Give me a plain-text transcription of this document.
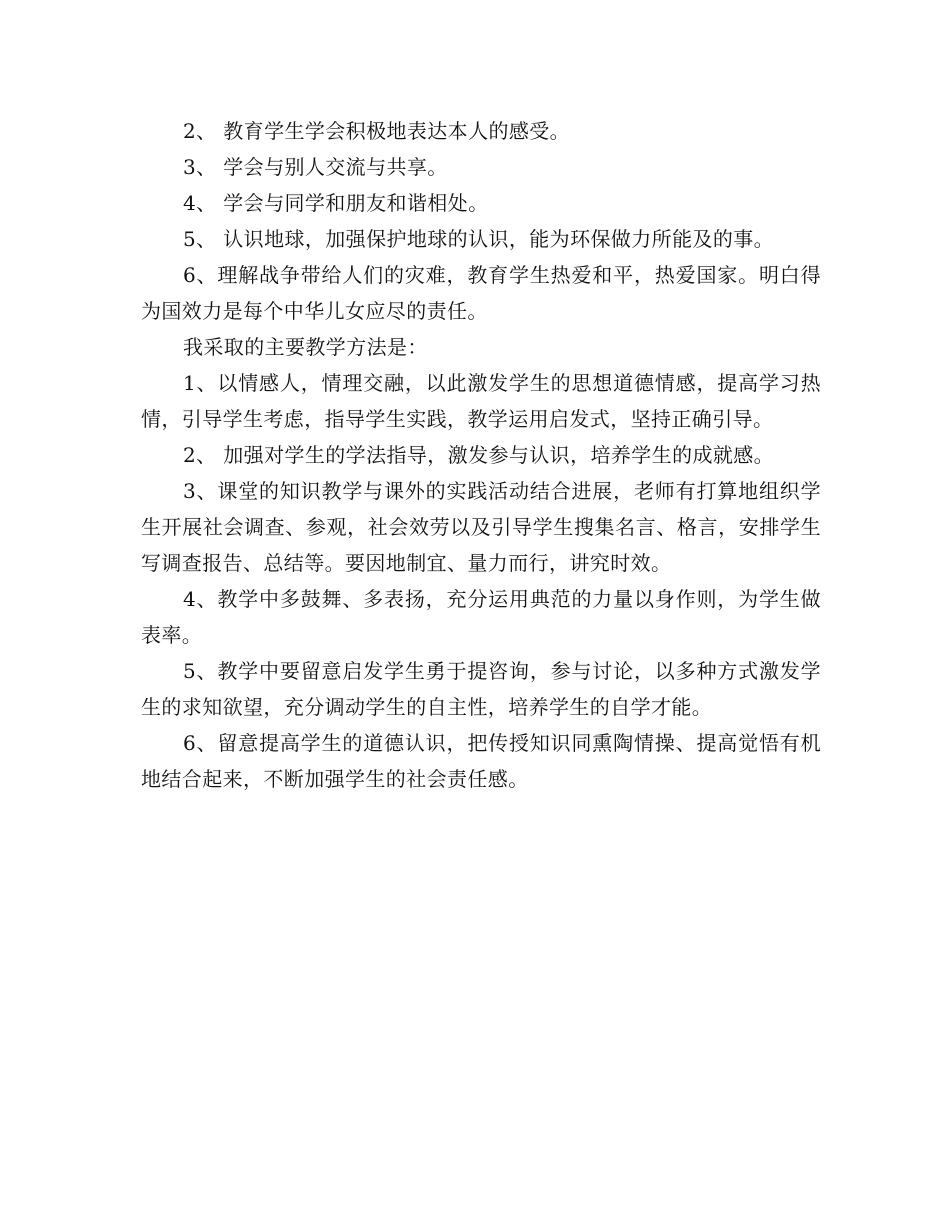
2、 教育学生学会积极地表达本人的感受。

3、 学会与别人交流与共享。

4、 学会与同学和朋友和谐相处。

5、 认识地球，加强保护地球的认识，能为环保做力所能及的事。

6、理解战争带给人们的灾难，教育学生热爱和平，热爱国家。明白得为国效力是每个中华儿女应尽的责任。

我采取的主要教学方法是：

1、以情感人，情理交融，以此激发学生的思想道德情感，提高学习热情，引导学生考虑，指导学生实践，教学运用启发式，坚持正确引导。

2、 加强对学生的学法指导，激发参与认识，培养学生的成就感。

3、课堂的知识教学与课外的实践活动结合进展，老师有打算地组织学生开展社会调查、参观，社会效劳以及引导学生搜集名言、格言，安排学生写调查报告、总结等。要因地制宜、量力而行，讲究时效。

4、教学中多鼓舞、多表扬，充分运用典范的力量以身作则，为学生做表率。

5、教学中要留意启发学生勇于提咨询，参与讨论，以多种方式激发学生的求知欲望，充分调动学生的自主性，培养学生的自学才能。

6、留意提高学生的道德认识，把传授知识同熏陶情操、提高觉悟有机地结合起来，不断加强学生的社会责任感。
